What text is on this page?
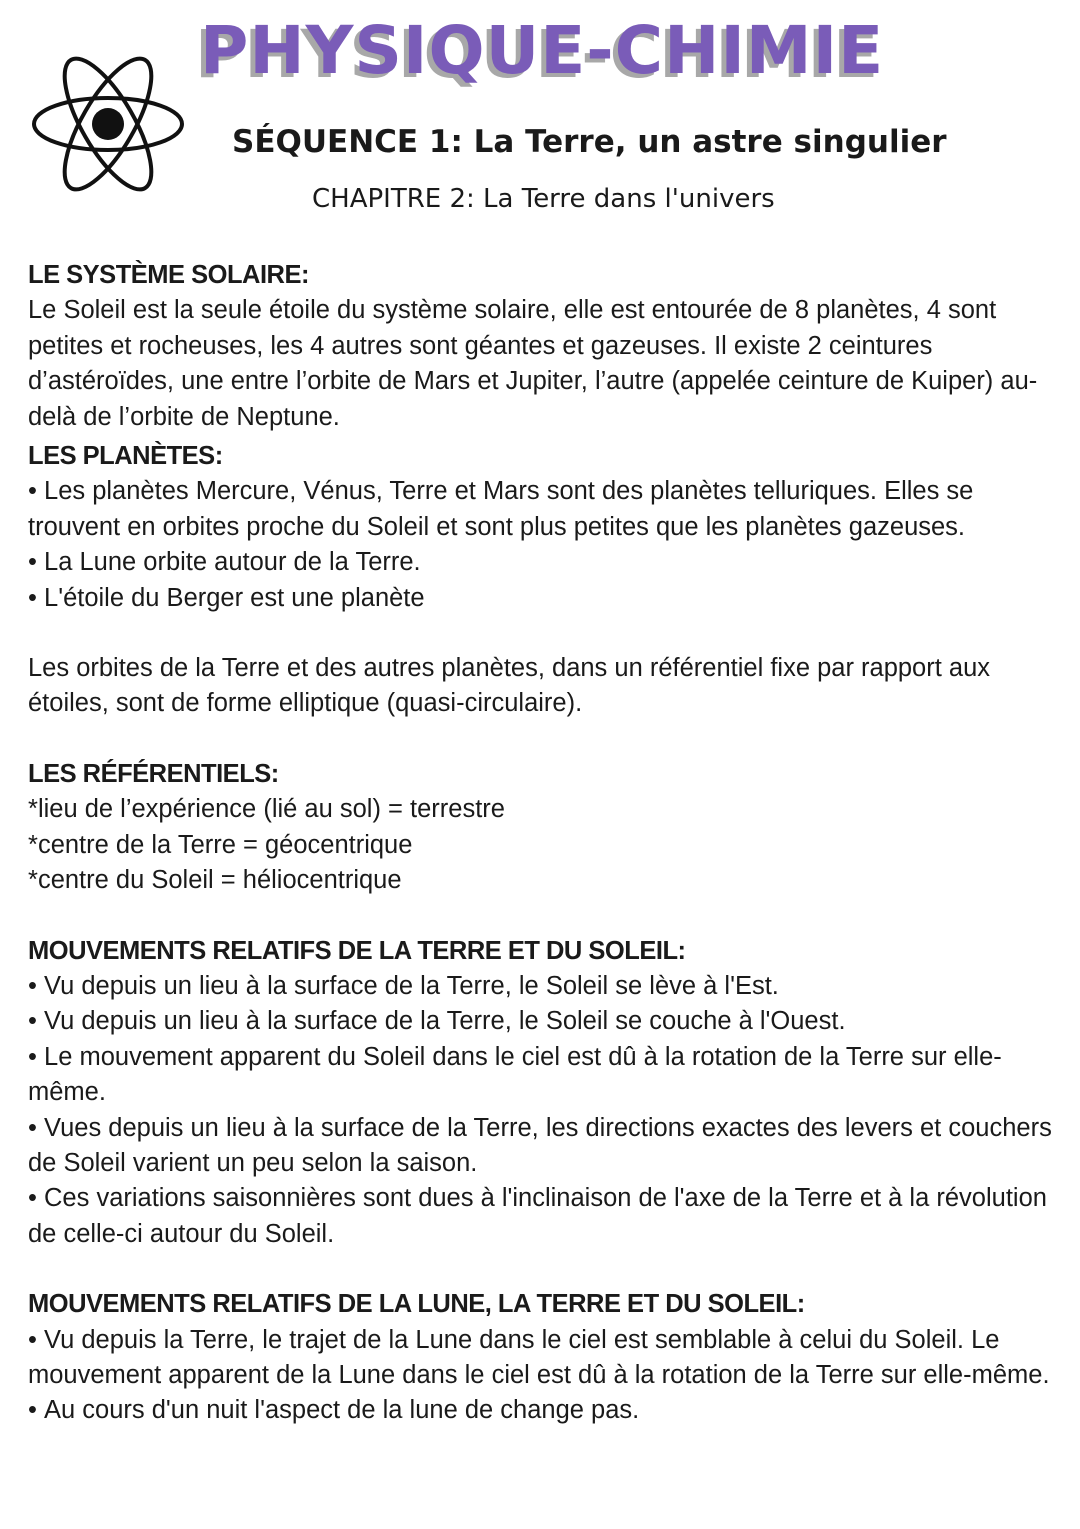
PHYSIQUE-CHIMIE
SÉQUENCE 1: La Terre, un astre singulier
CHAPITRE 2: La Terre dans l'univers
LE SYSTÈME SOLAIRE:

Le Soleil est la seule étoile du système solaire, elle est entourée de 8 planètes, 4 sont petites et rocheuses, les 4 autres sont géantes et gazeuses. Il existe 2 ceintures d’astéroïdes, une entre l’orbite de Mars et Jupiter, l’autre (appelée ceinture de Kuiper) au-delà de l’orbite de Neptune.

LES PLANÈTES:
• Les planètes Mercure, Vénus, Terre et Mars sont des planètes telluriques. Elles se trouvent en orbites proche du Soleil et sont plus petites que les planètes gazeuses.
• La Lune orbite autour de la Terre.
• L'étoile du Berger est une planète

Les orbites de la Terre et des autres planètes, dans un référentiel fixe par rapport aux étoiles, sont de forme elliptique (quasi-circulaire).

LES RÉFÉRENTIELS:
* lieu de l’expérience (lié au sol) = terrestre
* centre de la Terre = géocentrique
* centre du Soleil = héliocentrique
MOUVEMENTS RELATIFS DE LA TERRE ET DU SOLEIL:
• Vu depuis un lieu à la surface de la Terre, le Soleil se lève à l'Est.
• Vu depuis un lieu à la surface de la Terre, le Soleil se couche à l'Ouest.
• Le mouvement apparent du Soleil dans le ciel est dû à la rotation de la Terre sur elle-même.
• Vues depuis un lieu à la surface de la Terre, les directions exactes des levers et couchers de Soleil varient un peu selon la saison.
• Ces variations saisonnières sont dues à l'inclinaison de l'axe de la Terre et à la révolution de celle-ci autour du Soleil.
MOUVEMENTS RELATIFS DE LA LUNE, LA TERRE ET DU SOLEIL:
• Vu depuis la Terre, le trajet de la Lune dans le ciel est semblable à celui du Soleil. Le mouvement apparent de la Lune dans le ciel est dû à la rotation de la Terre sur elle-même.
• Au cours d'un nuit l'aspect de la lune de change pas.
